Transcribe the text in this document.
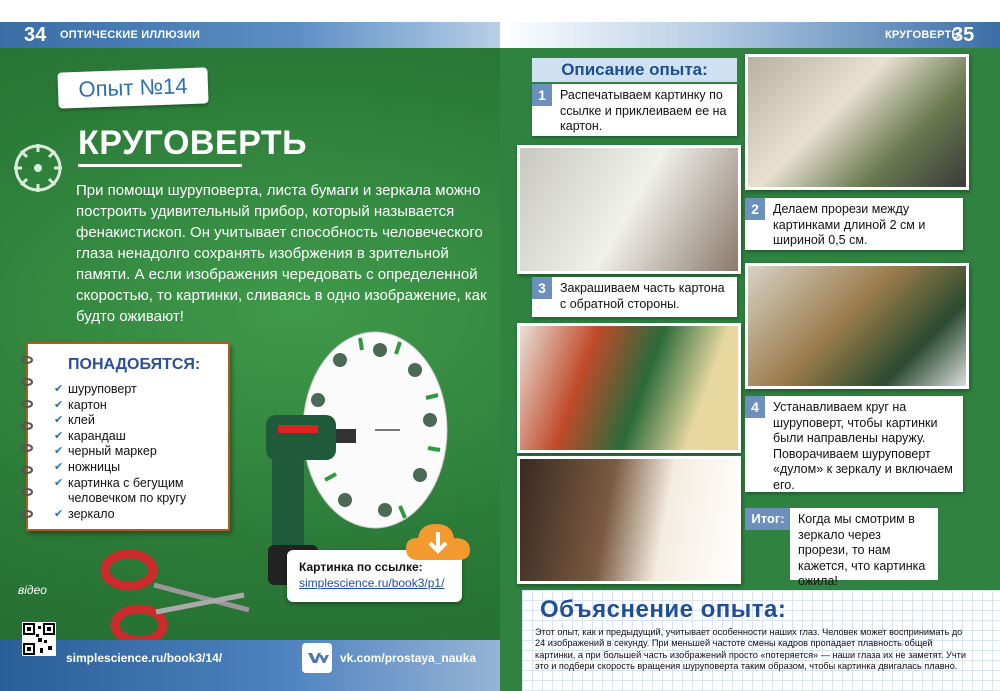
34 ОПТИЧЕСКИЕ ИЛЛЮЗИИ	КРУГОВЕРТЬ
35
Опыт №14
КРУГОВЕРТЬ
При помощи шуруповерта, листа бумаги и зеркала можно построить удивительный прибор, который называется фенакистископ. Он учитывает способность человеческого глаза ненадолго сохранять изобржения в зрительной памяти. А если изображения чередовать с определенной скоростью, то картинки, сливаясь в одно изображение, как будто оживают!
ПОНАДОБЯТСЯ:
✔ шуруповерт
✔ картон
✔ клей
✔ карандаш
✔ черный маркер
✔ ножницы
✔ картинка с бегущим человечком по кругу
✔ зеркало
Картинка по ссылке:
simplescience.ru/book3/p1/
відео
simplescience.ru/book3/14/	vk.com/prostaya_nauka
Описание опыта:
1	Распечатываем картинку по ссылке и приклеиваем ее на картон.
2	Делаем прорези между картинками длиной 2 см и шириной 0,5 см.
3	Закрашиваем часть картона с обратной стороны.
4	Устанавливаем круг на шуруповерт, чтобы картинки были направлены наружу. Поворачиваем шуруповерт «дулом» к зеркалу и включаем его.
Итог:	Когда мы смотрим в зеркало через прорези, то нам кажется, что картинка ожила!
Объяснение опыта:
Этот опыт, как и предыдущий, учитывает особенности наших глаз. Человек может воспринимать до 24 изображений в секунду. При меньшей частоте смены кадров пропадает плавность общей картинки, а при большей часть изображений просто «потеряется» — наши глаза их не заметят. Учти это и подбери скорость вращения шуруповерта таким образом, чтобы картинка двигалась плавно.
